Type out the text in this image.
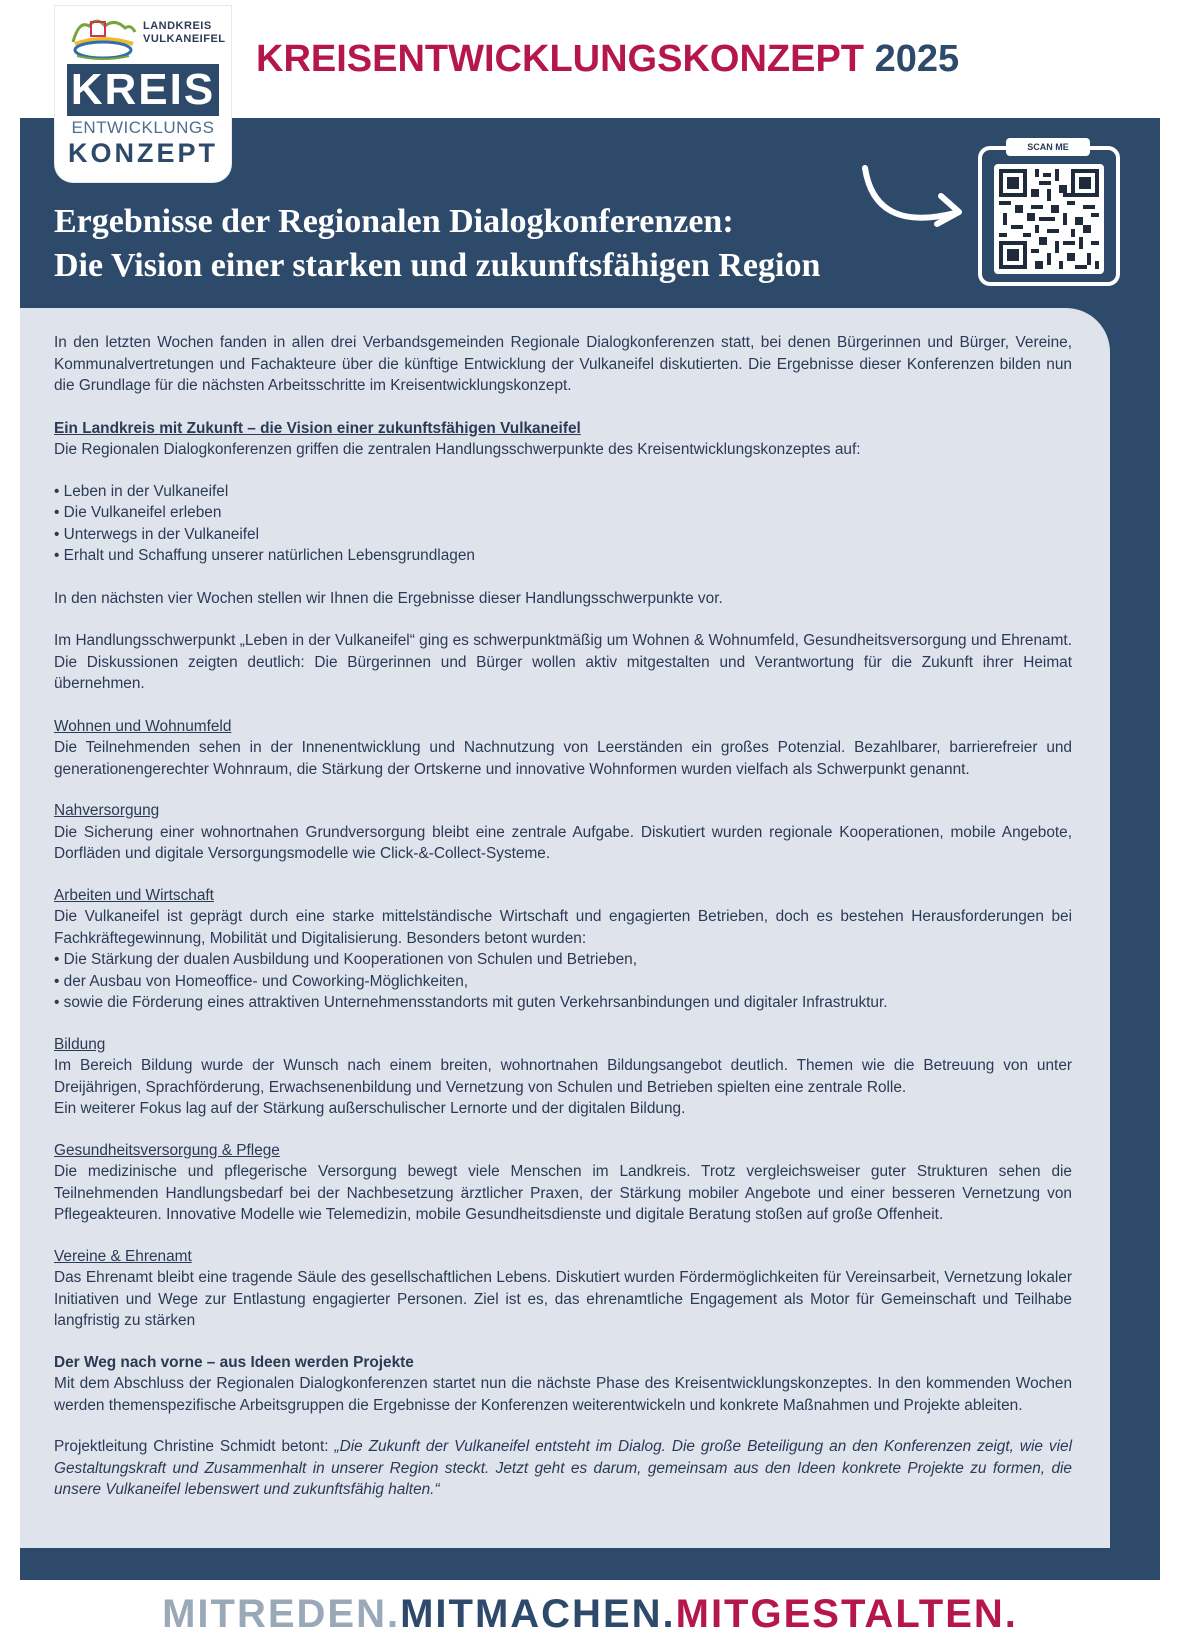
LANDKREIS
VULKANEIFEL
KREIS
ENTWICKLUNGS
KONZEPT
KREISENTWICKLUNGSKONZEPT 2025
Ergebnisse der Regionalen Dialogkonferenzen:
Die Vision einer starken und zukunftsfähigen Region
SCAN ME

In den letzten Wochen fanden in allen drei Verbandsgemeinden Regionale Dialogkonferenzen statt, bei denen Bürgerinnen und Bürger, Vereine, Kommunalvertretungen und Fachakteure über die künftige Entwicklung der Vulkaneifel diskutierten. Die Ergebnisse dieser Konferenzen bilden nun die Grundlage für die nächsten Arbeitsschritte im Kreisentwicklungskonzept.

Ein Landkreis mit Zukunft – die Vision einer zukunftsfähigen Vulkaneifel
Die Regionalen Dialogkonferenzen griffen die zentralen Handlungsschwerpunkte des Kreisentwicklungskonzeptes auf:
• Leben in der Vulkaneifel
• Die Vulkaneifel erleben
• Unterwegs in der Vulkaneifel
• Erhalt und Schaffung unserer natürlichen Lebensgrundlagen

In den nächsten vier Wochen stellen wir Ihnen die Ergebnisse dieser Handlungsschwerpunkte vor.

Im Handlungsschwerpunkt „Leben in der Vulkaneifel“ ging es schwerpunktmäßig um Wohnen & Wohnumfeld, Gesundheitsversorgung und Ehrenamt. Die Diskussionen zeigten deutlich: Die Bürgerinnen und Bürger wollen aktiv mitgestalten und Verantwortung für die Zukunft ihrer Heimat übernehmen.

Wohnen und Wohnumfeld
Die Teilnehmenden sehen in der Innenentwicklung und Nachnutzung von Leerständen ein großes Potenzial. Bezahlbarer, barrierefreier und generationengerechter Wohnraum, die Stärkung der Ortskerne und innovative Wohnformen wurden vielfach als Schwerpunkt genannt.
Nahversorgung
Die Sicherung einer wohnortnahen Grundversorgung bleibt eine zentrale Aufgabe. Diskutiert wurden regionale Kooperationen, mobile Angebote, Dorfläden und digitale Versorgungsmodelle wie Click-&-Collect-Systeme.
Arbeiten und Wirtschaft
Die Vulkaneifel ist geprägt durch eine starke mittelständische Wirtschaft und engagierten Betrieben, doch es bestehen Herausforderungen bei Fachkräftegewinnung, Mobilität und Digitalisierung. Besonders betont wurden:
• Die Stärkung der dualen Ausbildung und Kooperationen von Schulen und Betrieben,
• der Ausbau von Homeoffice- und Coworking-Möglichkeiten,
• sowie die Förderung eines attraktiven Unternehmensstandorts mit guten Verkehrsanbindungen und digitaler Infrastruktur.
Bildung
Im Bereich Bildung wurde der Wunsch nach einem breiten, wohnortnahen Bildungsangebot deutlich. Themen wie die Betreuung von unter Dreijährigen, Sprachförderung, Erwachsenenbildung und Vernetzung von Schulen und Betrieben spielten eine zentrale Rolle.
Ein weiterer Fokus lag auf der Stärkung außerschulischer Lernorte und der digitalen Bildung.
Gesundheitsversorgung & Pflege
Die medizinische und pflegerische Versorgung bewegt viele Menschen im Landkreis. Trotz vergleichsweiser guter Strukturen sehen die Teilnehmenden Handlungsbedarf bei der Nachbesetzung ärztlicher Praxen, der Stärkung mobiler Angebote und einer besseren Vernetzung von Pflegeakteuren. Innovative Modelle wie Telemedizin, mobile Gesundheitsdienste und digitale Beratung stoßen auf große Offenheit.
Vereine & Ehrenamt
Das Ehrenamt bleibt eine tragende Säule des gesellschaftlichen Lebens. Diskutiert wurden Fördermöglichkeiten für Vereinsarbeit, Vernetzung lokaler Initiativen und Wege zur Entlastung engagierter Personen. Ziel ist es, das ehrenamtliche Engagement als Motor für Gemeinschaft und Teilhabe langfristig zu stärken
Der Weg nach vorne – aus Ideen werden Projekte
Mit dem Abschluss der Regionalen Dialogkonferenzen startet nun die nächste Phase des Kreisentwicklungskonzeptes. In den kommenden Wochen werden themenspezifische Arbeitsgruppen die Ergebnisse der Konferenzen weiterentwickeln und konkrete Maßnahmen und Projekte ableiten.

Projektleitung Christine Schmidt betont: „Die Zukunft der Vulkaneifel entsteht im Dialog. Die große Beteiligung an den Konferenzen zeigt, wie viel Gestaltungskraft und Zusammenhalt in unserer Region steckt. Jetzt geht es darum, gemeinsam aus den Ideen konkrete Projekte zu formen, die unsere Vulkaneifel lebenswert und zukunftsfähig halten.“

MITREDEN.MITMACHEN.MITGESTALTEN.
